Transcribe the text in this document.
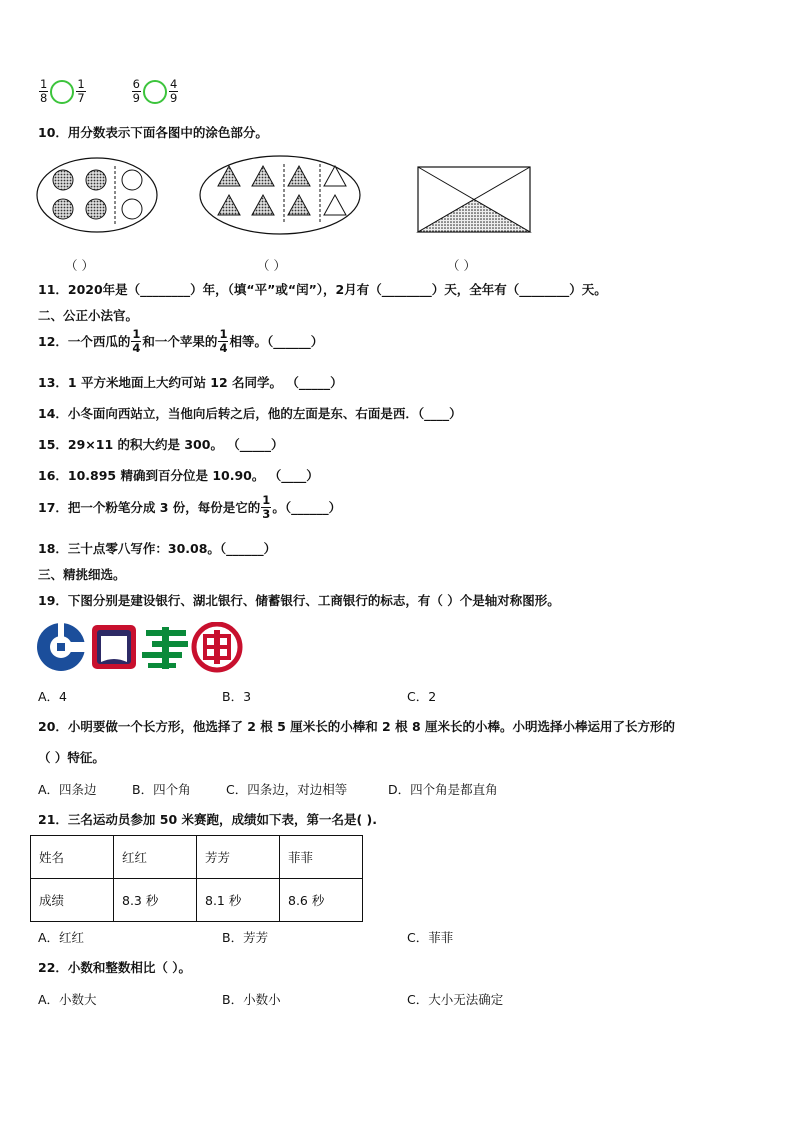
$\frac{1}{8} \frac{1}{7}$	$\frac{6}{9} \frac{4}{9}$
10．用分数表示下面各图中的涂色部分。
（ ）	（ ）	（ ）
11．2020年是（________）年，（填“平”或“闰”），2月有（________）天，全年有（________）天。
二、公正小法官。
12．一个西瓜的 $\frac{1}{4}$ 和一个苹果的 $\frac{1}{4}$ 相等。（______）
13．1 平方米地面上大约可站 12 名同学。 （_____）
14．小冬面向西站立，当他向后转之后，他的左面是东、右面是西．（____）
15．29×11 的积大约是 300。 （_____）
16．10.895 精确到百分位是 10.90。 （____）
17．把一个粉笔分成 3 份，每份是它的 $\frac{1}{3}$ 。（______）
18．三十点零八写作：30.08。（______）
三、精挑细选。
19．下图分别是建设银行、湖北银行、储蓄银行、工商银行的标志，有（ ）个是轴对称图形。
A．4	B．3	C．2
20．小明要做一个长方形，他选择了 2 根 5 厘米长的小棒和 2 根 8 厘米长的小棒。小明选择小棒运用了长方形的
（ ）特征。
A．四条边	B．四个角	C．四条边，对边相等	D．四个角是都直角
21．三名运动员参加 50 米赛跑，成绩如下表，第一名是( ).
姓名	红红	芳芳	菲菲
成绩	8.3 秒	8.1 秒	8.6 秒
A．红红	B．芳芳	C．菲菲
22．小数和整数相比（ ）。
A．小数大	B．小数小	C．大小无法确定
